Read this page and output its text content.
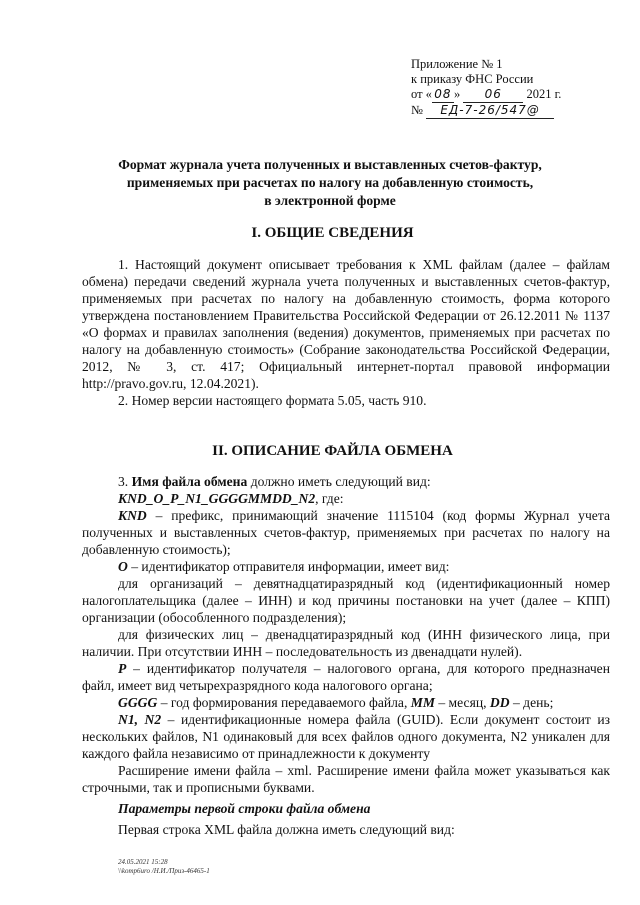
Приложение № 1
к приказу ФНС России
от « 08 » 06 2021 г.
№ ЕД-7-26/547@
Формат журнала учета полученных и выставленных счетов-фактур,
применяемых при расчетах по налогу на добавленную стоимость,
в электронной форме
I. ОБЩИЕ СВЕДЕНИЯ

1. Настоящий документ описывает требования к XML файлам (далее – файлам обмена) передачи сведений журнала учета полученных и выставленных счетов-фактур, применяемых при расчетах по налогу на добавленную стоимость, форма которого утверждена постановлением Правительства Российской Федерации от 26.12.2011 № 1137 «О формах и правилах заполнения (ведения) документов, применяемых при расчетах по налогу на добавленную стоимость» (Собрание законодательства Российской Федерации, 2012, № 3, ст. 417; Официальный интернет-портал правовой информации http://pravo.gov.ru, 12.04.2021).

2. Номер версии настоящего формата 5.05, часть 910.

II. ОПИСАНИЕ ФАЙЛА ОБМЕНА

3. Имя файла обмена должно иметь следующий вид:

KND_O_P_N1_GGGGMMDD_N2, где:

KND – префикс, принимающий значение 1115104 (код формы Журнал учета полученных и выставленных счетов-фактур, применяемых при расчетах по налогу на добавленную стоимость);

O – идентификатор отправителя информации, имеет вид:

для организаций – девятнадцатиразрядный код (идентификационный номер налогоплательщика (далее – ИНН) и код причины постановки на учет (далее – КПП) организации (обособленного подразделения);

для физических лиц – двенадцатиразрядный код (ИНН физического лица, при наличии. При отсутствии ИНН – последовательность из двенадцати нулей).

P – идентификатор получателя – налогового органа, для которого предназначен файл, имеет вид четырехразрядного кода налогового органа;

GGGG – год формирования передаваемого файла, MM – месяц, DD – день;

N1, N2 – идентификационные номера файла (GUID). Если документ состоит из нескольких файлов, N1 одинаковый для всех файлов одного документа, N2 уникален для каждого файла независимо от принадлежности к документу

Расширение имени файла – xml. Расширение имени файла может указываться как строчными, так и прописными буквами.

Параметры первой строки файла обмена

Первая строка XML файла должна иметь следующий вид:

24.05.2021 15:28
\\komp6uro /Н.И./Приз-46465-1
